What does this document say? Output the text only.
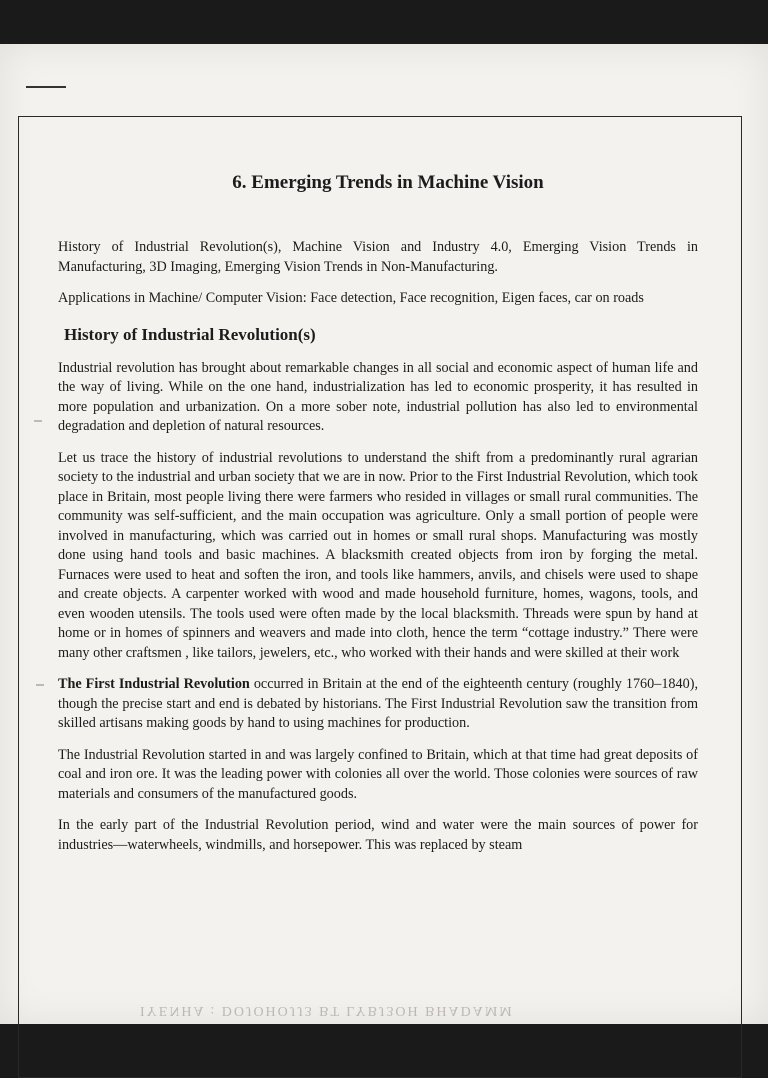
6. Emerging Trends in Machine Vision

History of Industrial Revolution(s), Machine Vision and Industry 4.0, Emerging Vision Trends in Manufacturing, 3D Imaging, Emerging Vision Trends in Non-Manufacturing.

Applications in Machine/ Computer Vision: Face detection, Face recognition, Eigen faces, car on roads

History of Industrial Revolution(s)

Industrial revolution has brought about remarkable changes in all social and economic aspect of human life and the way of living. While on the one hand, industrialization has led to economic prosperity, it has resulted in more population and urbanization. On a more sober note, industrial pollution has also led to environmental degradation and depletion of natural resources.

Let us trace the history of industrial revolutions to understand the shift from a predominantly rural agrarian society to the industrial and urban society that we are in now. Prior to the First Industrial Revolution, which took place in Britain, most people living there were farmers who resided in villages or small rural communities. The community was self-sufficient, and the main occupation was agriculture. Only a small portion of people were involved in manufacturing, which was carried out in homes or small rural shops. Manufacturing was mostly done using hand tools and basic machines. A blacksmith created objects from iron by forging the metal. Furnaces were used to heat and soften the iron, and tools like hammers, anvils, and chisels were used to shape and create objects. A carpenter worked with wood and made household furniture, homes, wagons, tools, and even wooden utensils. The tools used were often made by the local blacksmith. Threads were spun by hand at home or in homes of spinners and weavers and made into cloth, hence the term “cottage industry.” There were many other craftsmen , like tailors, jewelers, etc., who worked with their hands and were skilled at their work

The First Industrial Revolution occurred in Britain at the end of the eighteenth century (roughly 1760–1840), though the precise start and end is debated by historians. The First Industrial Revolution saw the transition from skilled artisans making goods by hand to using machines for production.

The Industrial Revolution started in and was largely confined to Britain, which at that time had great deposits of coal and iron ore. It was the leading power with colonies all over the world. Those colonies were sources of raw materials and consumers of the manufactured goods.

In the early part of the Industrial Revolution period, wind and water were the main sources of power for industries—waterwheels, windmills, and horsepower. This was replaced by steam

IYENHA : DOJOHOJJ3 BT LYBJ3OH BHADAMM
